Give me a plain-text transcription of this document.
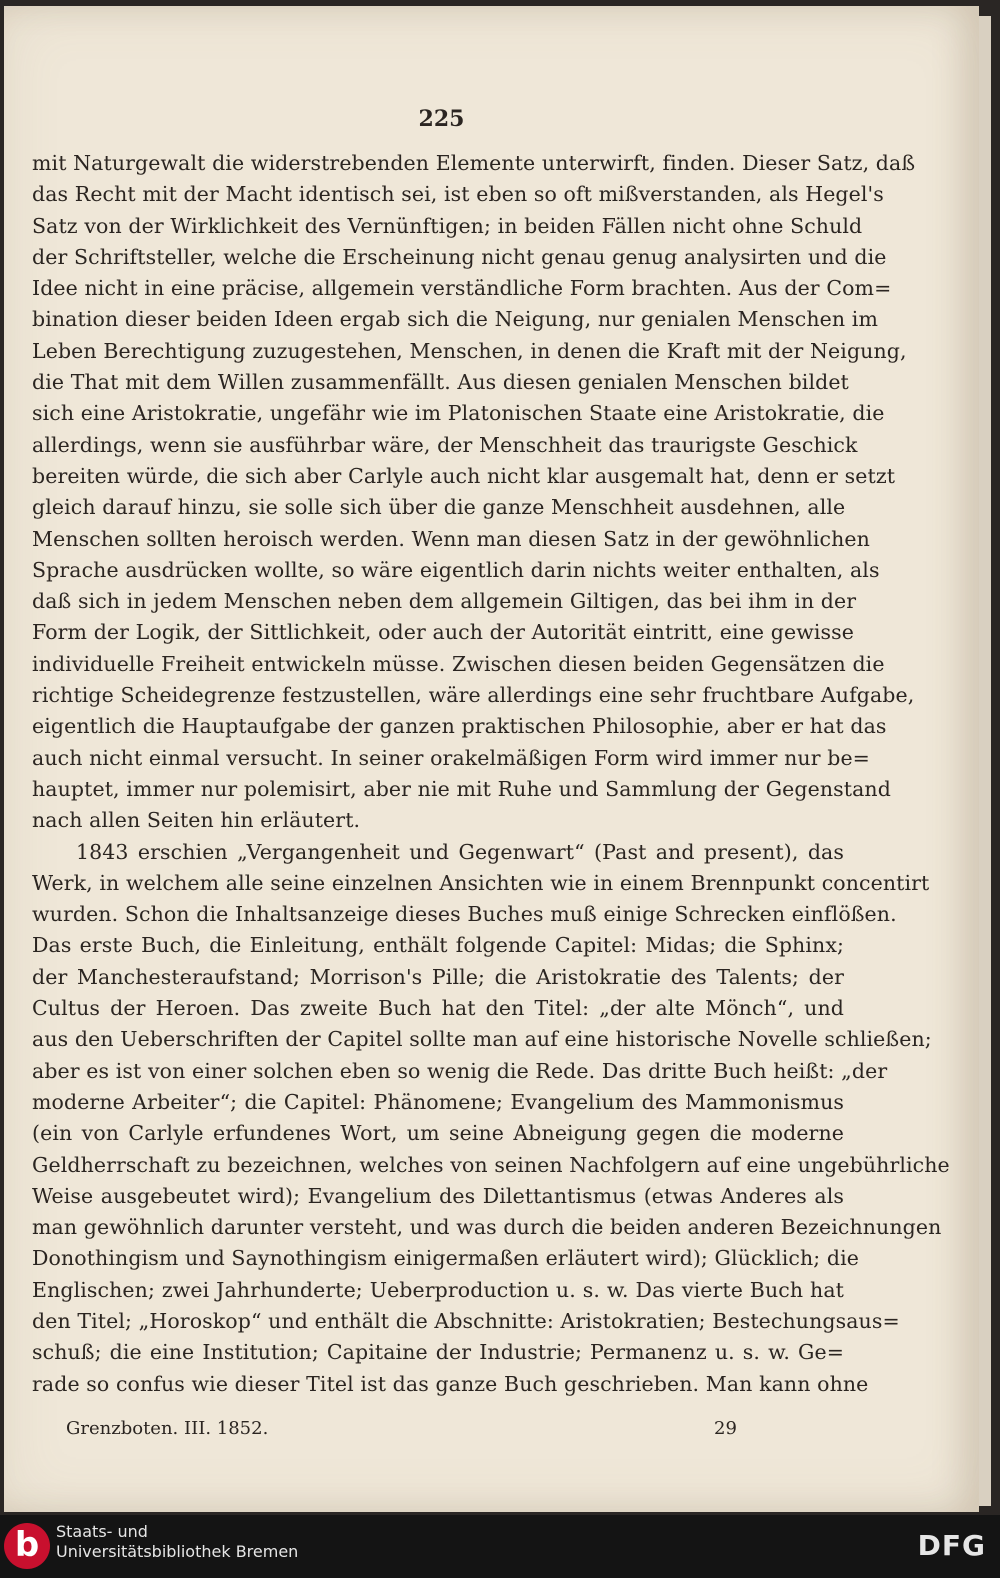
225
mit Naturgewalt die widerstrebenden Elemente unterwirft, finden. Dieser Satz, daß
das Recht mit der Macht identisch sei, ist eben so oft mißverstanden, als Hegel's
Satz von der Wirklichkeit des Vernünftigen; in beiden Fällen nicht ohne Schuld
der Schriftsteller, welche die Erscheinung nicht genau genug analysirten und die
Idee nicht in eine präcise, allgemein verständliche Form brachten. Aus der Com=
bination dieser beiden Ideen ergab sich die Neigung, nur genialen Menschen im
Leben Berechtigung zuzugestehen, Menschen, in denen die Kraft mit der Neigung,
die That mit dem Willen zusammenfällt. Aus diesen genialen Menschen bildet
sich eine Aristokratie, ungefähr wie im Platonischen Staate eine Aristokratie, die
allerdings, wenn sie ausführbar wäre, der Menschheit das traurigste Geschick
bereiten würde, die sich aber Carlyle auch nicht klar ausgemalt hat, denn er setzt
gleich darauf hinzu, sie solle sich über die ganze Menschheit ausdehnen, alle
Menschen sollten heroisch werden. Wenn man diesen Satz in der gewöhnlichen
Sprache ausdrücken wollte, so wäre eigentlich darin nichts weiter enthalten, als
daß sich in jedem Menschen neben dem allgemein Giltigen, das bei ihm in der
Form der Logik, der Sittlichkeit, oder auch der Autorität eintritt, eine gewisse
individuelle Freiheit entwickeln müsse. Zwischen diesen beiden Gegensätzen die
richtige Scheidegrenze festzustellen, wäre allerdings eine sehr fruchtbare Aufgabe,
eigentlich die Hauptaufgabe der ganzen praktischen Philosophie, aber er hat das
auch nicht einmal versucht. In seiner orakelmäßigen Form wird immer nur be=
hauptet, immer nur polemisirt, aber nie mit Ruhe und Sammlung der Gegenstand
nach allen Seiten hin erläutert.
1843 erschien „Vergangenheit und Gegenwart“ (Past and present), das
Werk, in welchem alle seine einzelnen Ansichten wie in einem Brennpunkt concentirt
wurden. Schon die Inhaltsanzeige dieses Buches muß einige Schrecken einflößen.
Das erste Buch, die Einleitung, enthält folgende Capitel: Midas; die Sphinx;
der Manchesteraufstand; Morrison's Pille; die Aristokratie des Talents; der
Cultus der Heroen. Das zweite Buch hat den Titel: „der alte Mönch“, und
aus den Ueberschriften der Capitel sollte man auf eine historische Novelle schließen;
aber es ist von einer solchen eben so wenig die Rede. Das dritte Buch heißt: „der
moderne Arbeiter“; die Capitel: Phänomene; Evangelium des Mammonismus
(ein von Carlyle erfundenes Wort, um seine Abneigung gegen die moderne
Geldherrschaft zu bezeichnen, welches von seinen Nachfolgern auf eine ungebührliche
Weise ausgebeutet wird); Evangelium des Dilettantismus (etwas Anderes als
man gewöhnlich darunter versteht, und was durch die beiden anderen Bezeichnungen
Donothingism und Saynothingism einigermaßen erläutert wird); Glücklich; die
Englischen; zwei Jahrhunderte; Ueberproduction u. s. w. Das vierte Buch hat
den Titel; „Horoskop“ und enthält die Abschnitte: Aristokratien; Bestechungsaus=
schuß; die eine Institution; Capitaine der Industrie; Permanenz u. s. w. Ge=
rade so confus wie dieser Titel ist das ganze Buch geschrieben. Man kann ohne
Grenzboten. III. 1852.	29
b	Staats- und
Universitätsbibliothek Bremen	DFG
